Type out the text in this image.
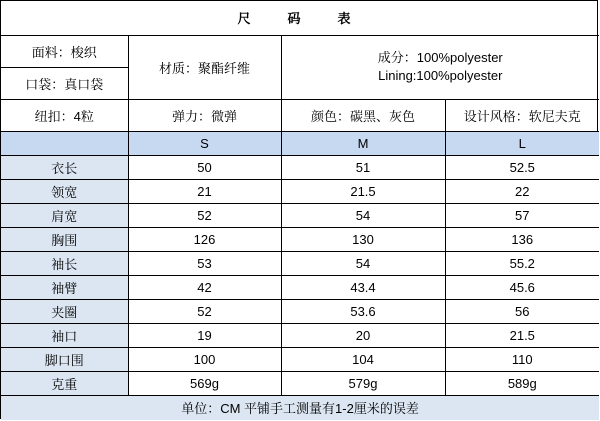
尺　码　表			
面料：梭织	材质：聚酯纤维	成分：100%polyester
Lining:100%polyester	

口袋：真口袋			
纽扣：4粒	弹力：微弹	颜色：碳黑、灰色	设计风格：软尼夫克
	S	M	L
衣长	50	51	52.5
领宽	21	21.5	22
肩宽	52	54	57
胸围	126	130	136
袖长	53	54	55.2
袖臂	42	43.4	45.6
夹圈	52	53.6	56
袖口	19	20	21.5
脚口围	100	104	110
克重	569g	579g	589g
单位：CM 平铺手工测量有1-2厘米的误差			
